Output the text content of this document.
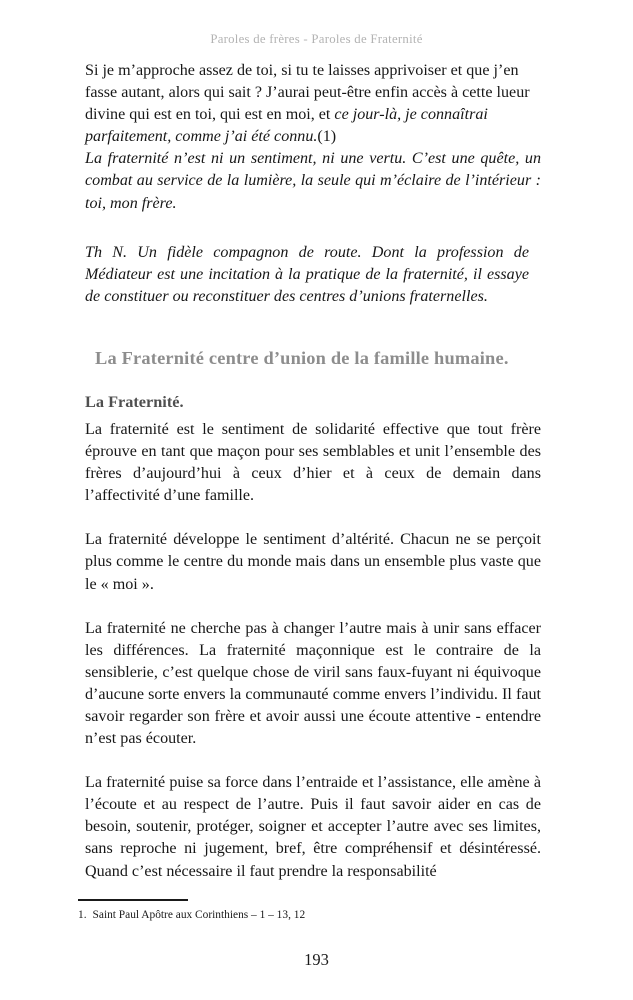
Paroles de frères - Paroles de Fraternité

Si je m’approche assez de toi, si tu te laisses apprivoiser et que j’en fasse autant, alors qui sait ? J’aurai peut-être enfin accès à cette lueur divine qui est en toi, qui est en moi, et ce jour-là, je connaîtrai parfaitement, comme j’ai été connu.(1)

La fraternité n’est ni un sentiment, ni une vertu. C’est une quête, un combat au service de la lumière, la seule qui m’éclaire de l’intérieur : toi, mon frère.

Th N. Un fidèle compagnon de route. Dont la profession de Médiateur est une incitation à la pratique de la fraternité, il essaye de constituer ou reconstituer des centres d’unions fraternelles.

La Fraternité centre d’union de la famille humaine.
La Fraternité.

La fraternité est le sentiment de solidarité effective que tout frère éprouve en tant que maçon pour ses semblables et unit l’ensemble des frères d’aujourd’hui à ceux d’hier et à ceux de demain dans l’affectivité d’une famille.

La fraternité développe le sentiment d’altérité. Chacun ne se perçoit plus comme le centre du monde mais dans un ensemble plus vaste que le « moi ».

La fraternité ne cherche pas à changer l’autre mais à unir sans effacer les différences. La fraternité maçonnique est le contraire de la sensiblerie, c’est quelque chose de viril sans faux-fuyant ni équivoque d’aucune sorte envers la communauté comme envers l’individu. Il faut savoir regarder son frère et avoir aussi une écoute attentive - entendre n’est pas écouter.

La fraternité puise sa force dans l’entraide et l’assistance, elle amène à l’écoute et au respect de l’autre. Puis il faut savoir aider en cas de besoin, soutenir, protéger, soigner et accepter l’autre avec ses limites, sans reproche ni jugement, bref, être compréhensif et désintéressé. Quand c’est nécessaire il faut prendre la responsabilité

1. Saint Paul Apôtre aux Corinthiens – 1 – 13, 12

193
